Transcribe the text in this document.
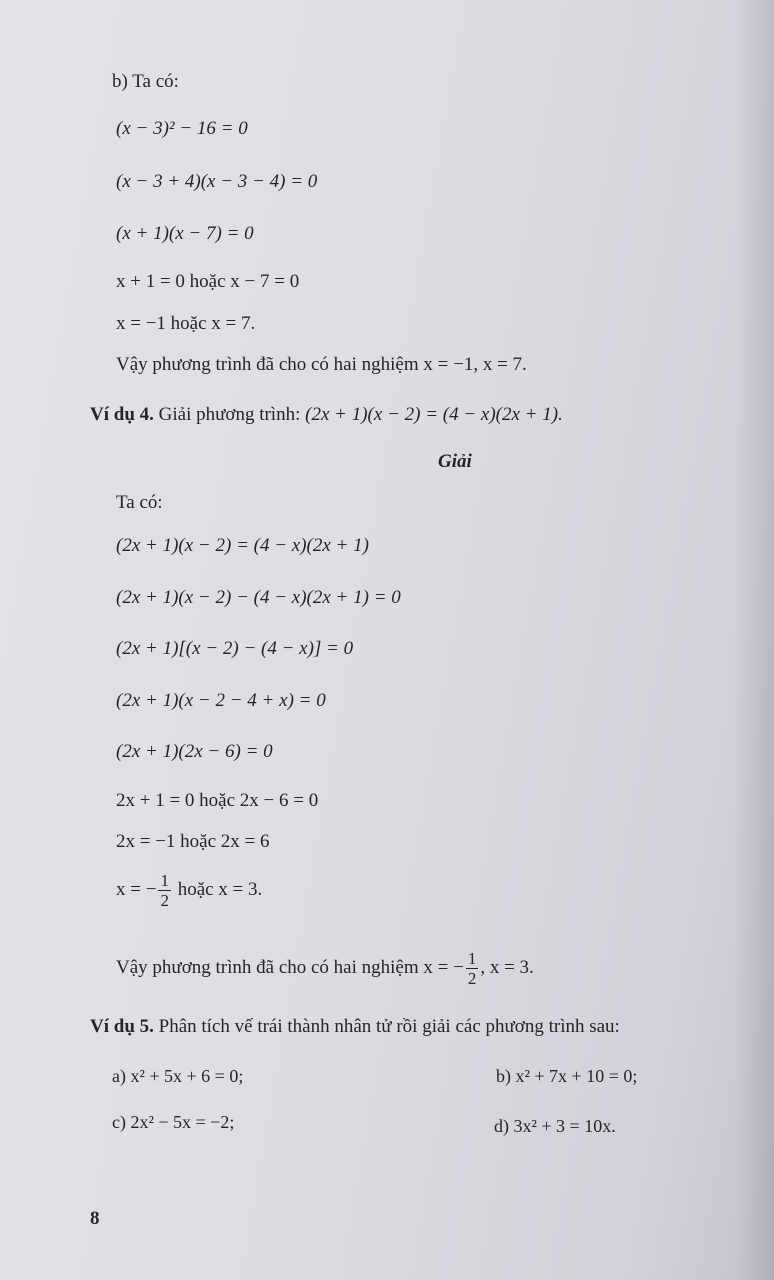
b) Ta có:
(x − 3)² − 16 = 0
(x − 3 + 4)(x − 3 − 4) = 0
(x + 1)(x − 7) = 0
x + 1 = 0 hoặc x − 7 = 0
x = −1 hoặc x = 7.
Vậy phương trình đã cho có hai nghiệm x = −1, x = 7.
Ví dụ 4. Giải phương trình: (2x + 1)(x − 2) = (4 − x)(2x + 1).
Giải
Ta có:
(2x + 1)(x − 2) = (4 − x)(2x + 1)
(2x + 1)(x − 2) − (4 − x)(2x + 1) = 0
(2x + 1)[(x − 2) − (4 − x)] = 0
(2x + 1)(x − 2 − 4 + x) = 0
(2x + 1)(2x − 6) = 0
2x + 1 = 0 hoặc 2x − 6 = 0
2x = −1 hoặc 2x = 6
x = − $\frac{1}{2}$ hoặc x = 3.
Vậy phương trình đã cho có hai nghiệm x = − $\frac{1}{2}$ , x = 3.
Ví dụ 5. Phân tích vế trái thành nhân tử rồi giải các phương trình sau:
a) x² + 5x + 6 = 0;	b) x² + 7x + 10 = 0;
c) 2x² − 5x = −2;	d) 3x² + 3 = 10x.
8
